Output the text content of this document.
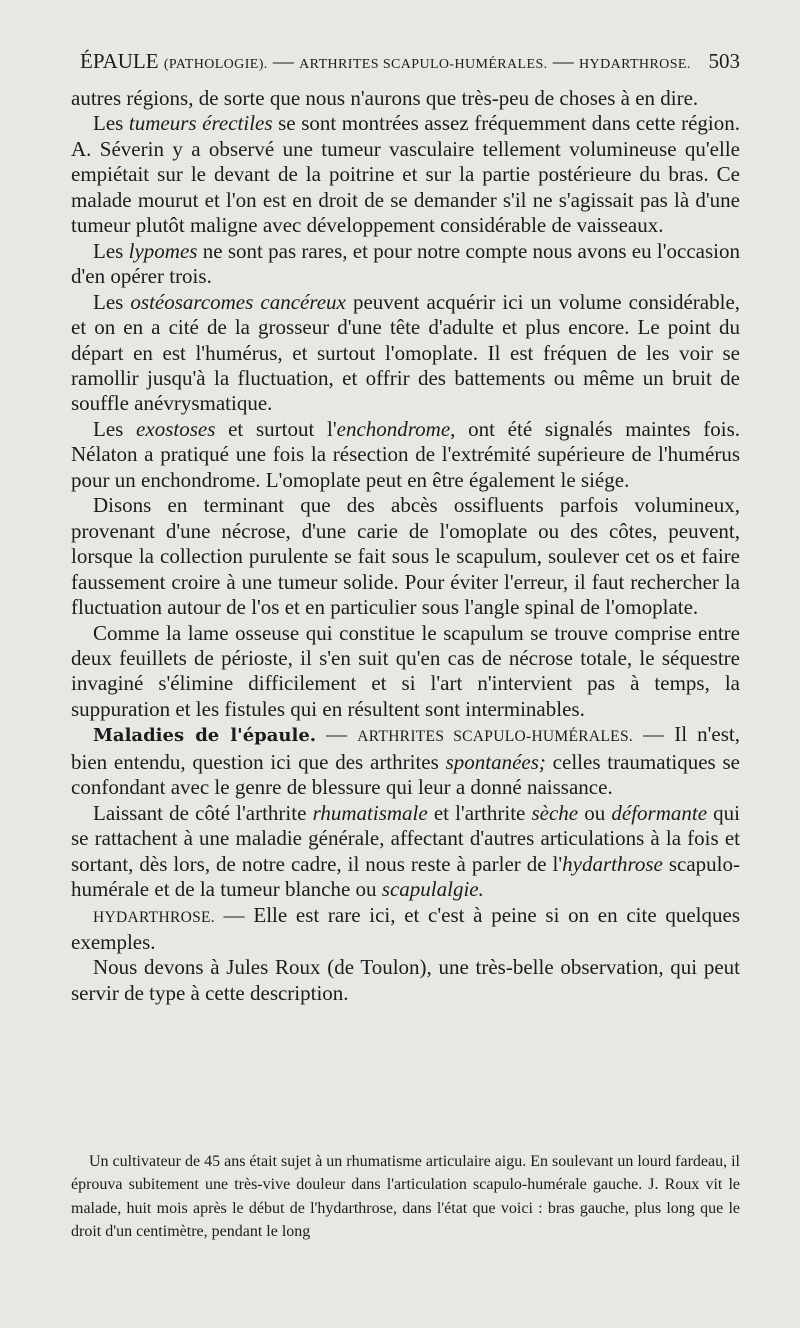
ÉPAULE (PATHOLOGIE). — ARTHRITES SCAPULO-HUMÉRALES. — HYDARTHROSE. 503

autres régions, de sorte que nous n'aurons que très-peu de choses à en dire.

Les tumeurs érectiles se sont montrées assez fréquemment dans cette région. A. Séverin y a observé une tumeur vasculaire tellement volumineuse qu'elle empiétait sur le devant de la poitrine et sur la partie postérieure du bras. Ce malade mourut et l'on est en droit de se demander s'il ne s'agissait pas là d'une tumeur plutôt maligne avec développement considérable de vaisseaux.

Les lypomes ne sont pas rares, et pour notre compte nous avons eu l'occasion d'en opérer trois.

Les ostéosarcomes cancéreux peuvent acquérir ici un volume considérable, et on en a cité de la grosseur d'une tête d'adulte et plus encore. Le point du départ en est l'humérus, et surtout l'omoplate. Il est fréquen de les voir se ramollir jusqu'à la fluctuation, et offrir des battements ou même un bruit de souffle anévrysmatique.

Les exostoses et surtout l'enchondrome, ont été signalés maintes fois. Nélaton a pratiqué une fois la résection de l'extrémité supérieure de l'humérus pour un enchondrome. L'omoplate peut en être également le siége.

Disons en terminant que des abcès ossifluents parfois volumineux, provenant d'une nécrose, d'une carie de l'omoplate ou des côtes, peuvent, lorsque la collection purulente se fait sous le scapulum, soulever cet os et faire faussement croire à une tumeur solide. Pour éviter l'erreur, il faut rechercher la fluctuation autour de l'os et en particulier sous l'angle spinal de l'omoplate.

Comme la lame osseuse qui constitue le scapulum se trouve comprise entre deux feuillets de périoste, il s'en suit qu'en cas de nécrose totale, le séquestre invaginé s'élimine difficilement et si l'art n'intervient pas à temps, la suppuration et les fistules qui en résultent sont interminables.

Maladies de l'épaule. — ARTHRITES SCAPULO-HUMÉRALES. — Il n'est, bien entendu, question ici que des arthrites spontanées; celles traumatiques se confondant avec le genre de blessure qui leur a donné naissance.

Laissant de côté l'arthrite rhumatismale et l'arthrite sèche ou déformante qui se rattachent à une maladie générale, affectant d'autres articulations à la fois et sortant, dès lors, de notre cadre, il nous reste à parler de l'hydarthrose scapulo-humérale et de la tumeur blanche ou scapulalgie.

HYDARTHROSE. — Elle est rare ici, et c'est à peine si on en cite quelques exemples.

Nous devons à Jules Roux (de Toulon), une très-belle observation, qui peut servir de type à cette description.

Un cultivateur de 45 ans était sujet à un rhumatisme articulaire aigu. En soulevant un lourd fardeau, il éprouva subitement une très-vive douleur dans l'articulation scapulo-humérale gauche. J. Roux vit le malade, huit mois après le début de l'hydarthrose, dans l'état que voici : bras gauche, plus long que le droit d'un centimètre, pendant le long
